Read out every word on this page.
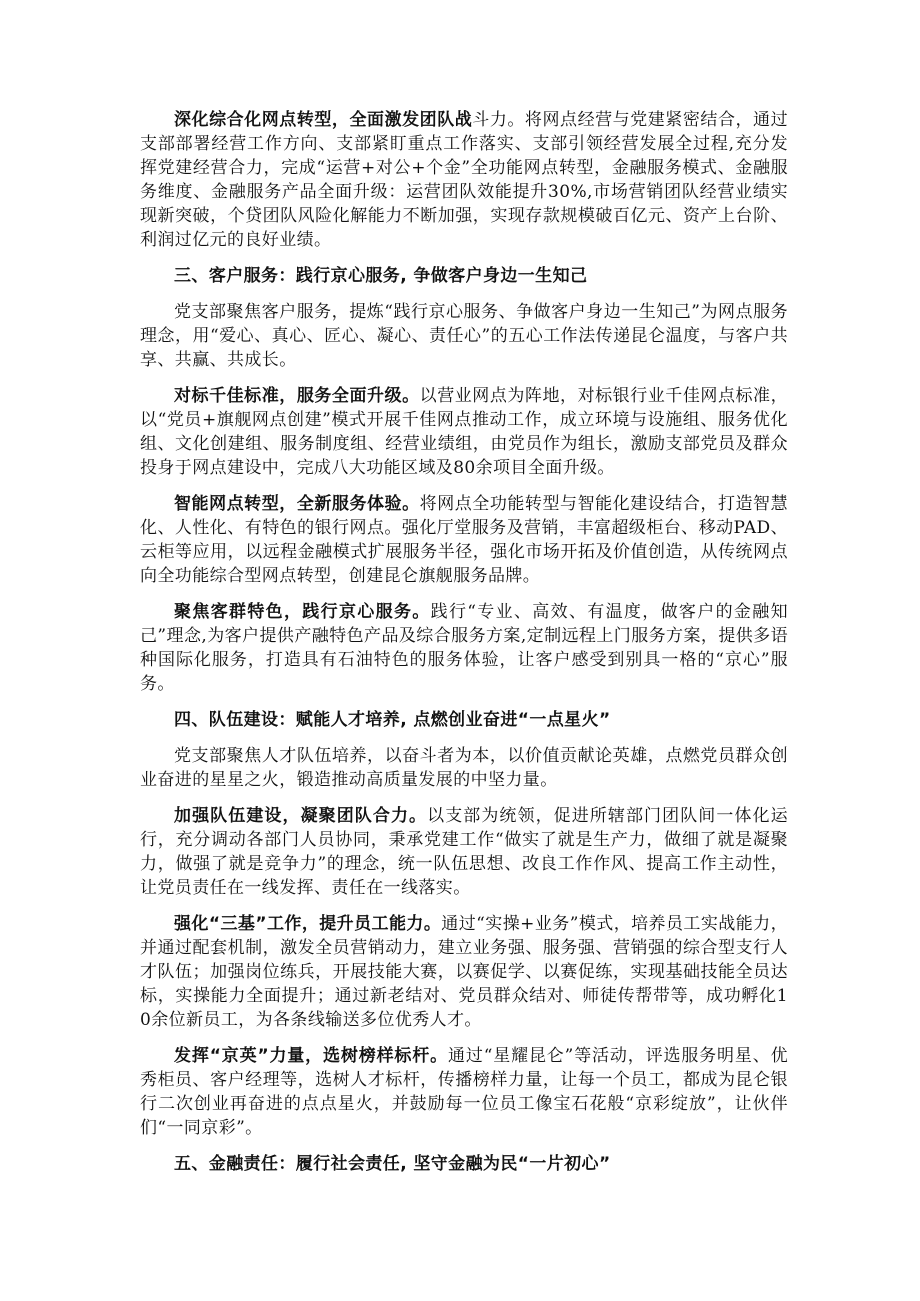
深化综合化网点转型，全面激发团队战斗力。将网点经营与党建紧密结合，通过支部部署经营工作方向、支部紧盯重点工作落实、支部引领经营发展全过程,充分发挥党建经营合力，完成“运营+对公+个金”全功能网点转型，金融服务模式、金融服务维度、金融服务产品全面升级：运营团队效能提升30%,市场营销团队经营业绩实现新突破，个贷团队风险化解能力不断加强，实现存款规模破百亿元、资产上台阶、利润过亿元的良好业绩。

三、客户服务：践行京心服务, 争做客户身边一生知己

党支部聚焦客户服务，提炼“践行京心服务、争做客户身边一生知己”为网点服务理念，用“爱心、真心、匠心、凝心、责任心”的五心工作法传递昆仑温度，与客户共享、共赢、共成长。

对标千佳标准，服务全面升级。以营业网点为阵地，对标银行业千佳网点标准，以“党员+旗舰网点创建”模式开展千佳网点推动工作，成立环境与设施组、服务优化组、文化创建组、服务制度组、经营业绩组，由党员作为组长，激励支部党员及群众投身于网点建设中，完成八大功能区域及80余项目全面升级。

智能网点转型，全新服务体验。将网点全功能转型与智能化建设结合，打造智慧化、人性化、有特色的银行网点。强化厅堂服务及营销，丰富超级柜台、移动PAD、云柜等应用，以远程金融模式扩展服务半径，强化市场开拓及价值创造，从传统网点向全功能综合型网点转型，创建昆仑旗舰服务品牌。

聚焦客群特色，践行京心服务。践行“专业、高效、有温度，做客户的金融知己”理念,为客户提供产融特色产品及综合服务方案,定制远程上门服务方案，提供多语种国际化服务，打造具有石油特色的服务体验，让客户感受到别具一格的“京心”服务。

四、队伍建设：赋能人才培养, 点燃创业奋进“一点星火”

党支部聚焦人才队伍培养，以奋斗者为本，以价值贡献论英雄，点燃党员群众创业奋进的星星之火，锻造推动高质量发展的中坚力量。

加强队伍建设，凝聚团队合力。以支部为统领，促进所辖部门团队间一体化运行，充分调动各部门人员协同，秉承党建工作“做实了就是生产力，做细了就是凝聚力，做强了就是竞争力”的理念，统一队伍思想、改良工作作风、提高工作主动性，让党员责任在一线发挥、责任在一线落实。

强化“三基”工作，提升员工能力。通过“实操+业务”模式，培养员工实战能力，并通过配套机制，激发全员营销动力，建立业务强、服务强、营销强的综合型支行人才队伍；加强岗位练兵，开展技能大赛，以赛促学、以赛促练，实现基础技能全员达标，实操能力全面提升；通过新老结对、党员群众结对、师徒传帮带等，成功孵化10余位新员工，为各条线输送多位优秀人才。

发挥“京英”力量，选树榜样标杆。通过“星耀昆仑”等活动，评选服务明星、优秀柜员、客户经理等，选树人才标杆，传播榜样力量，让每一个员工，都成为昆仑银行二次创业再奋进的点点星火，并鼓励每一位员工像宝石花般“京彩绽放”，让伙伴们“一同京彩”。

五、金融责任：履行社会责任, 坚守金融为民“一片初心”
